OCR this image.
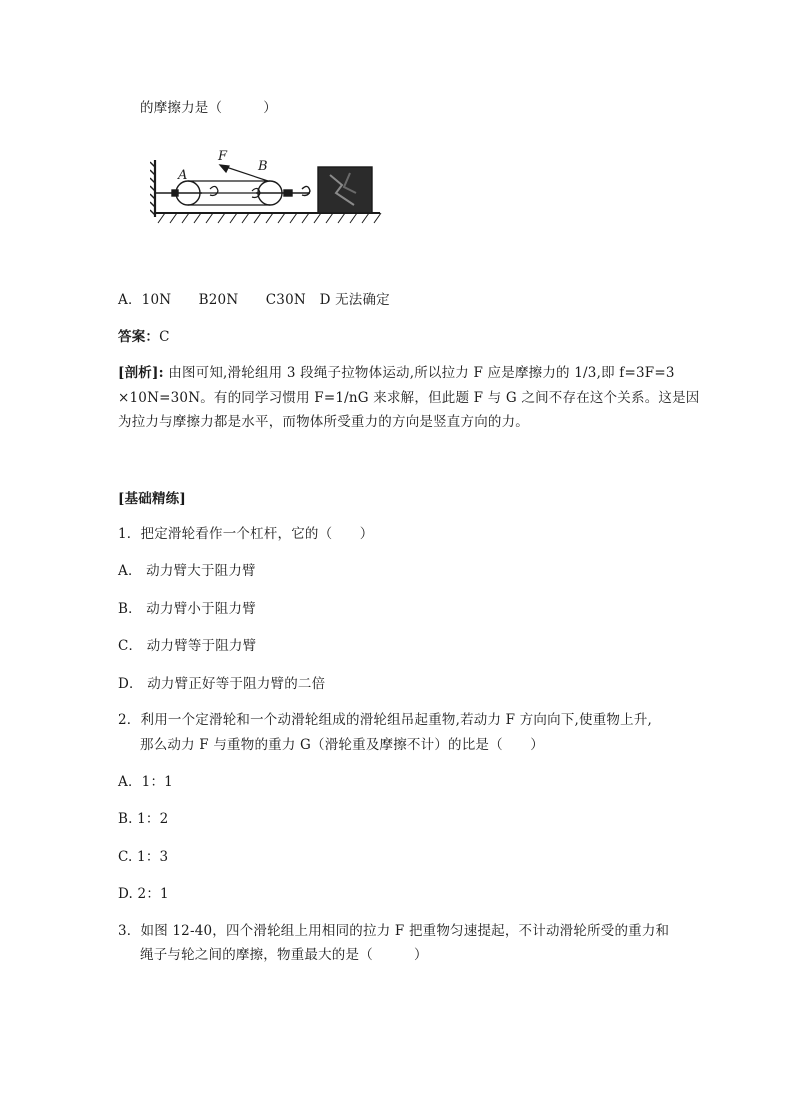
的摩擦力是（　　　）
F
B
A
A．10N　　B20N　　C30N　D 无法确定
答案：C
[剖析]: 由图可知,滑轮组用 3 段绳子拉物体运动,所以拉力 F 应是摩擦力的 1/3,即 f=3F=3
×10N=30N。有的同学习惯用 F=1/nG 来求解，但此题 F 与 G 之间不存在这个关系。这是因
为拉力与摩擦力都是水平，而物体所受重力的方向是竖直方向的力。
[基础精练]
1．把定滑轮看作一个杠杆，它的（　　）
A． 动力臂大于阻力臂
B． 动力臂小于阻力臂
C． 动力臂等于阻力臂
D． 动力臂正好等于阻力臂的二倍
2．利用一个定滑轮和一个动滑轮组成的滑轮组吊起重物,若动力 F 方向向下,使重物上升,
那么动力 F 与重物的重力 G（滑轮重及摩擦不计）的比是（　　）
A．1：1
B. 1：2
C. 1：3
D. 2：1
3．如图 12-40，四个滑轮组上用相同的拉力 F 把重物匀速提起，不计动滑轮所受的重力和
绳子与轮之间的摩擦，物重最大的是（　　　）
